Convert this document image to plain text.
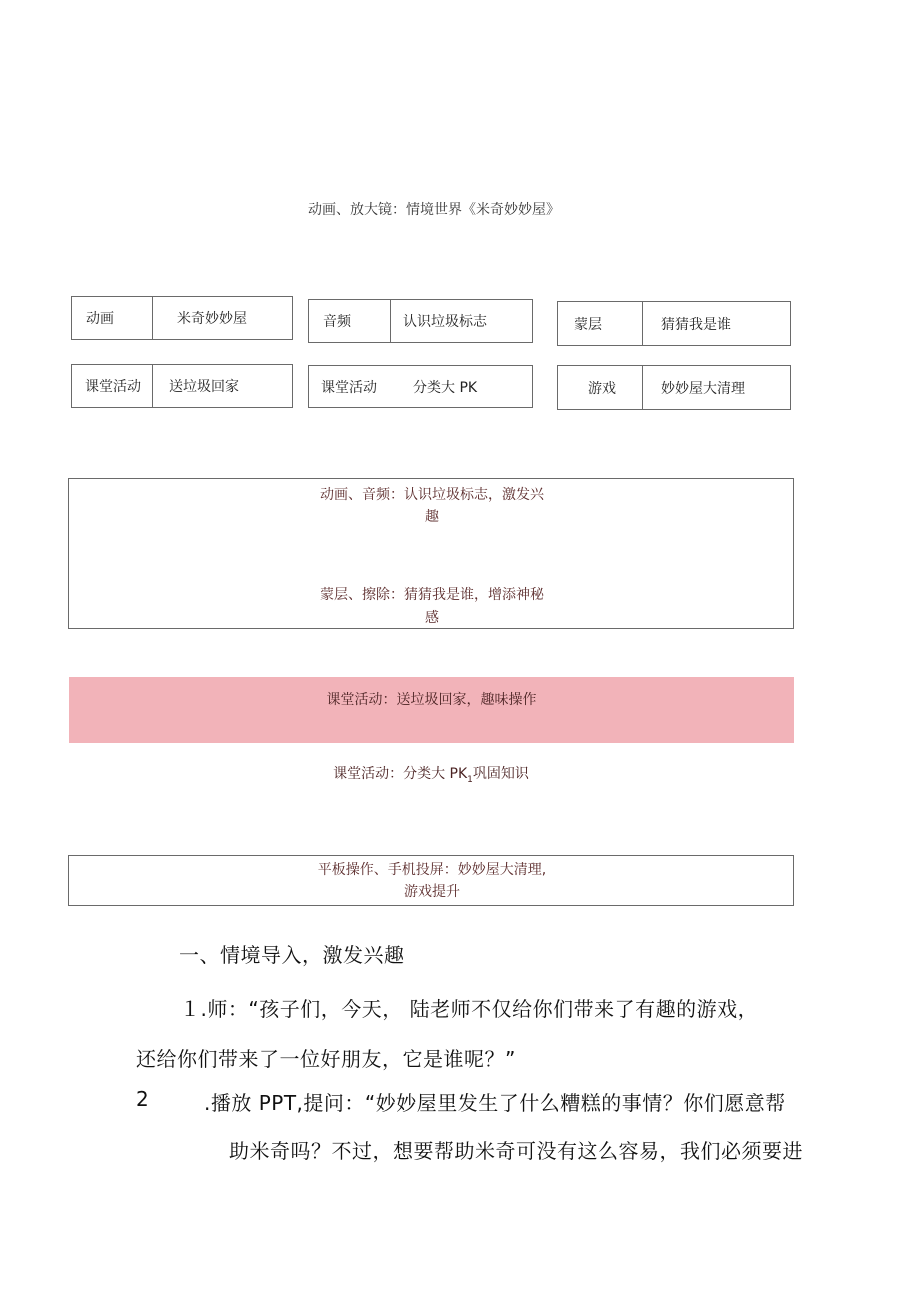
动画、放大镜：情境世界《米奇妙妙屋》
动画	米奇妙妙屋	音频	认识垃圾标志	蒙层	猜猜我是谁
课堂活动	送垃圾回家	课堂活动	分类大 PK	游戏	妙妙屋大清理
动画、音频：认识垃圾标志，激发兴
趣
蒙层、擦除：猜猜我是谁，增添神秘
感
课堂活动：送垃圾回家，趣味操作
课堂活动：分类大 $PK_1$巩固知识
平板操作、手机投屏：妙妙屋大清理,
游戏提升
一、情境导入，激发兴趣
１.师：“孩子们，今天， 陆老师不仅给你们带来了有趣的游戏，
还给你们带来了一位好朋友，它是谁呢？”
2	.播放 PPT,提问：“妙妙屋里发生了什么糟糕的事情？你们愿意帮
助米奇吗？不过，想要帮助米奇可没有这么容易，我们必须要进
